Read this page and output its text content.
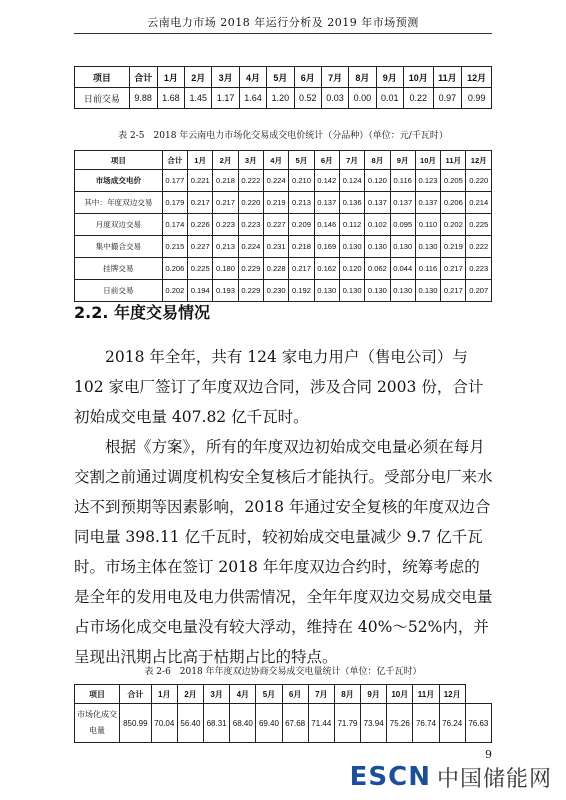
云南电力市场 2018 年运行分析及 2019 年市场预测
项目	合计	1月	2月	3月	4月	5月	6月	7月	8月	9月	10月	11月	12月
日前交易	9.88	1.68	1.45	1.17	1.64	1.20	0.52	0.03	0.00	0.01	0.22	0.97	0.99
表 2-5　2018 年云南电力市场化交易成交电价统计（分品种）（单位：元/千瓦时）
项目	合计	1月	2月	3月	4月	5月	6月	7月	8月	9月	10月	11月	12月
市场成交电价	0.177	0.221	0.218	0.222	0.224	0.210	0.142	0.124	0.120	0.116	0.123	0.205	0.220
其中：年度双边交易	0.179	0.217	0.217	0.220	0.219	0.213	0.137	0.136	0.137	0.137	0.137	0.206	0.214
月度双边交易	0.174	0.226	0.223	0.223	0.227	0.209	0.146	0.112	0.102	0.095	0.110	0.202	0.225
集中撮合交易	0.215	0.227	0.213	0.224	0.231	0.218	0.169	0.130	0.130	0.130	0.130	0.219	0.222
挂牌交易	0.206	0.225	0.180	0.229	0.228	0.217	0.162	0.120	0.062	0.044	0.116	0.217	0.223
日前交易	0.202	0.194	0.193	0.229	0.230	0.192	0.130	0.130	0.130	0.130	0.130	0.217	0.207
2.2. 年度交易情况
2018 年全年，共有 124 家电力用户（售电公司）与 102 家电厂签订了年度双边合同，涉及合同 2003 份，合计初始成交电量 407.82 亿千瓦时。
根据《方案》，所有的年度双边初始成交电量必须在每月交割之前通过调度机构安全复核后才能执行。受部分电厂来水达不到预期等因素影响，2018 年通过安全复核的年度双边合同电量 398.11 亿千瓦时，较初始成交电量减少 9.7 亿千瓦时。市场主体在签订 2018 年年度双边合约时，统筹考虑的是全年的发用电及电力供需情况，全年年度双边交易成交电量占市场化成交电量没有较大浮动，维持在 40%～52%内，并呈现出汛期占比高于枯期占比的特点。
表 2-6　2018 年年度双边协商交易成交电量统计（单位：亿千瓦时）
项目	合计	1月	2月	3月	4月	5月	6月	7月	8月	9月	10月	11月	12月	
市场化成交电量	850.99	70.04	56.40	68.31	68.40	69.40	67.68	71.44	71.79	73.94	75.26	76.74	76.24	76.63
9
ESCN 中国储能网
